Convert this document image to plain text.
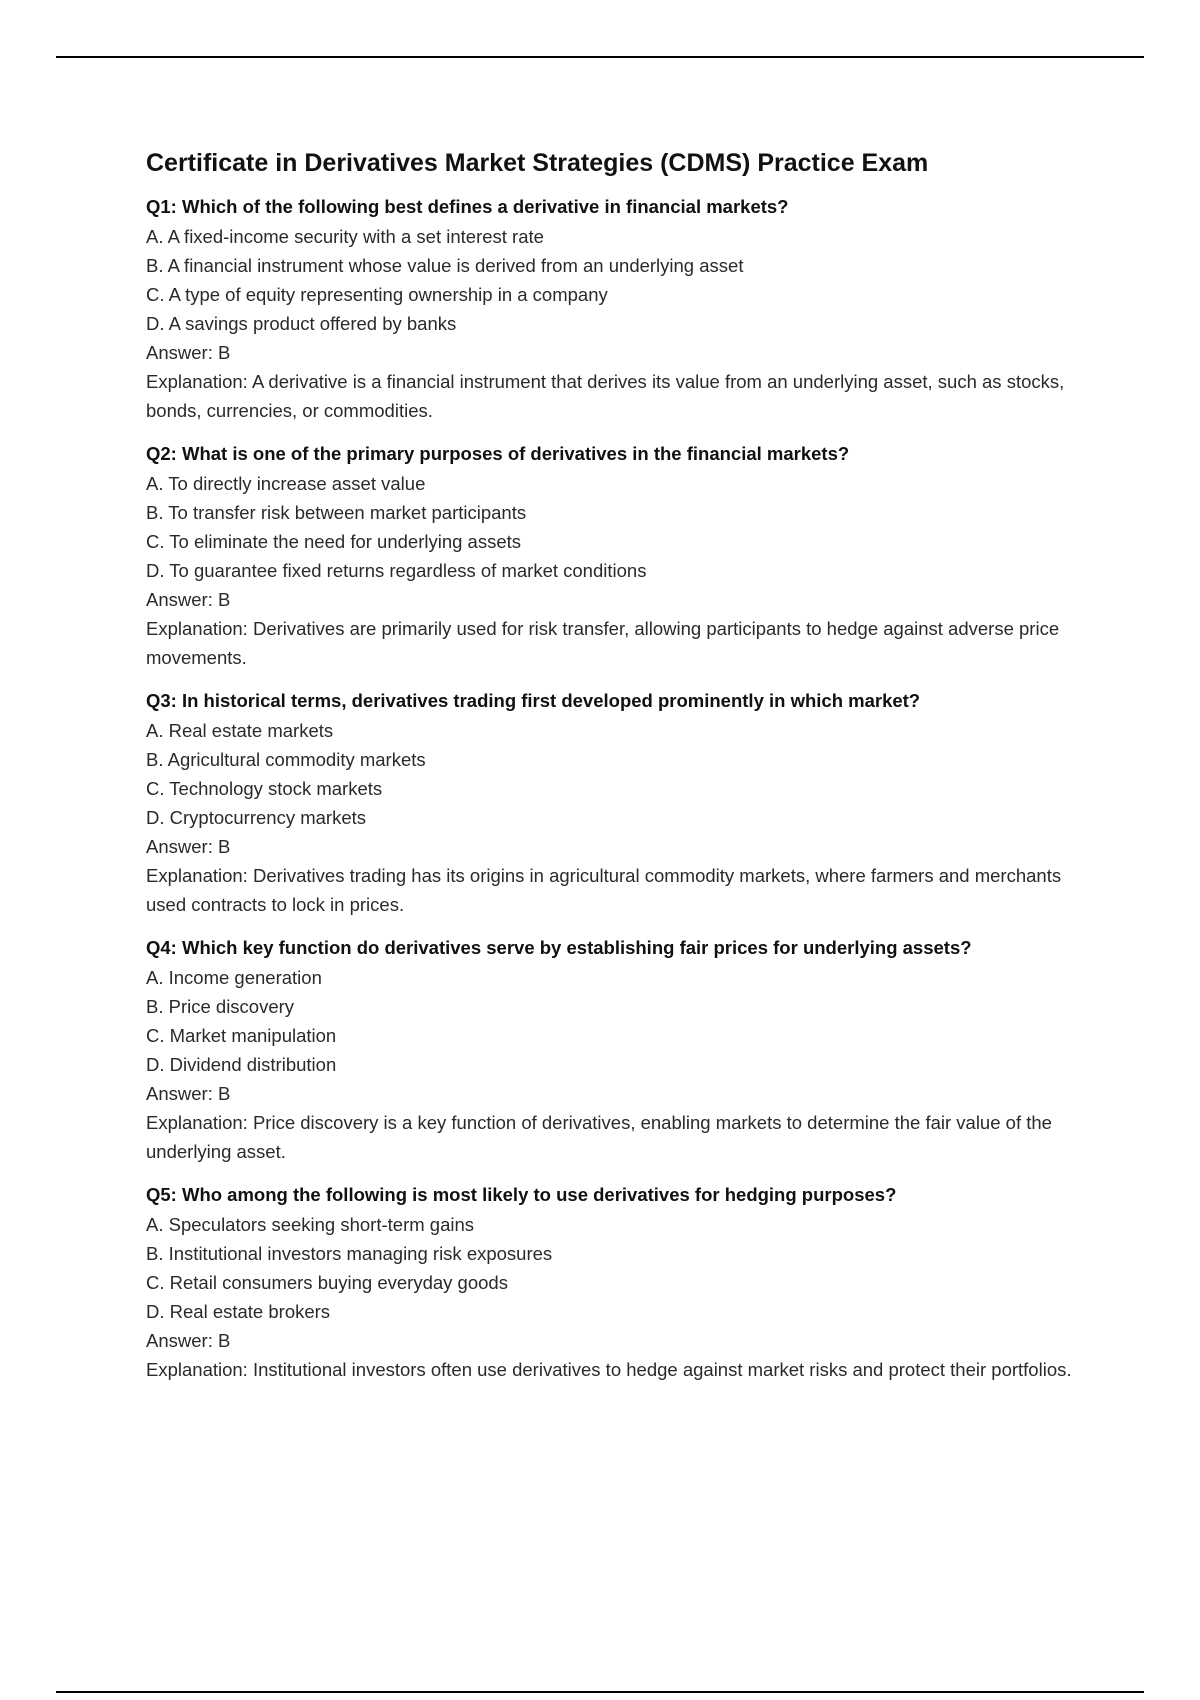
Certificate in Derivatives Market Strategies (CDMS) Practice Exam
Q1: Which of the following best defines a derivative in financial markets?
A. A fixed-income security with a set interest rate
B. A financial instrument whose value is derived from an underlying asset
C. A type of equity representing ownership in a company
D. A savings product offered by banks
Answer: B
Explanation: A derivative is a financial instrument that derives its value from an underlying asset, such as stocks, bonds, currencies, or commodities.
Q2: What is one of the primary purposes of derivatives in the financial markets?
A. To directly increase asset value
B. To transfer risk between market participants
C. To eliminate the need for underlying assets
D. To guarantee fixed returns regardless of market conditions
Answer: B
Explanation: Derivatives are primarily used for risk transfer, allowing participants to hedge against adverse price movements.
Q3: In historical terms, derivatives trading first developed prominently in which market?
A. Real estate markets
B. Agricultural commodity markets
C. Technology stock markets
D. Cryptocurrency markets
Answer: B
Explanation: Derivatives trading has its origins in agricultural commodity markets, where farmers and merchants used contracts to lock in prices.
Q4: Which key function do derivatives serve by establishing fair prices for underlying assets?
A. Income generation
B. Price discovery
C. Market manipulation
D. Dividend distribution
Answer: B
Explanation: Price discovery is a key function of derivatives, enabling markets to determine the fair value of the underlying asset.
Q5: Who among the following is most likely to use derivatives for hedging purposes?
A. Speculators seeking short-term gains
B. Institutional investors managing risk exposures
C. Retail consumers buying everyday goods
D. Real estate brokers
Answer: B
Explanation: Institutional investors often use derivatives to hedge against market risks and protect their portfolios.
